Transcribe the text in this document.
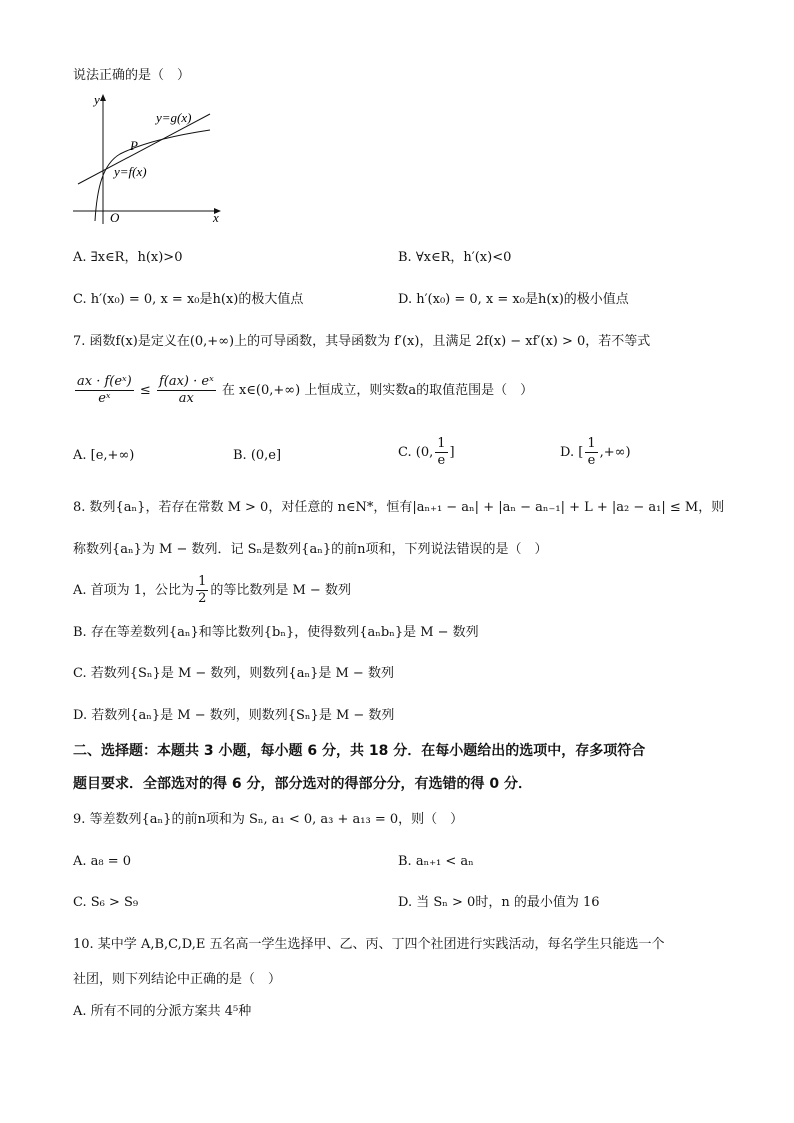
说法正确的是（　）
y
y=g(x)
P
y=f(x)
O	x
A. ∃x∈R，h(x)>0	B. ∀x∈R，h′(x)<0
C. h′(x₀) = 0, x = x₀是h(x)的极大值点	D. h′(x₀) = 0, x = x₀是h(x)的极小值点
7. 函数f(x)是定义在(0,+∞)上的可导函数，其导函数为 f′(x)，且满足 2f(x) − xf′(x) > 0，若不等式
$\frac{\text{ax · f(eˣ)}}{\text{eˣ}} \le \frac{\text{f(ax) · eˣ}}{ax}$ 在 x∈(0,+∞) 上恒成立，则实数a的取值范围是（　）
A. [e,+∞)	B. (0,e]	C. (0, $\frac{1}{e}$ ]	D. [ $\frac{1}{e}$ ,+∞)
8. 数列{aₙ}，若存在常数 M > 0，对任意的 n∈N*，恒有|aₙ₊₁ − aₙ| + |aₙ − aₙ₋₁| + L + |a₂ − a₁| ≤ M，则
称数列{aₙ}为 M − 数列．记 Sₙ是数列{aₙ}的前n项和，下列说法错误的是（　）
A. 首项为 1，公比为 $\frac{1}{2}$ 的等比数列是 M − 数列
B. 存在等差数列{aₙ}和等比数列{bₙ}，使得数列{aₙbₙ}是 M − 数列
C. 若数列{Sₙ}是 M − 数列，则数列{aₙ}是 M − 数列
D. 若数列{aₙ}是 M − 数列，则数列{Sₙ}是 M − 数列
二、选择题：本题共 3 小题，每小题 6 分，共 18 分．在每小题给出的选项中，存多项符合
题目要求．全部选对的得 6 分，部分选对的得部分分，有选错的得 0 分．
9. 等差数列{aₙ}的前n项和为 Sₙ, a₁ < 0, a₃ + a₁₃ = 0，则（　）
A. a₈ = 0	B. aₙ₊₁ < aₙ
C. S₆ > S₉	D. 当 Sₙ > 0时，n 的最小值为 16
10. 某中学 A,B,C,D,E 五名高一学生选择甲、乙、丙、丁四个社团进行实践活动，每名学生只能选一个
社团，则下列结论中正确的是（　）
A. 所有不同的分派方案共 4⁵种
